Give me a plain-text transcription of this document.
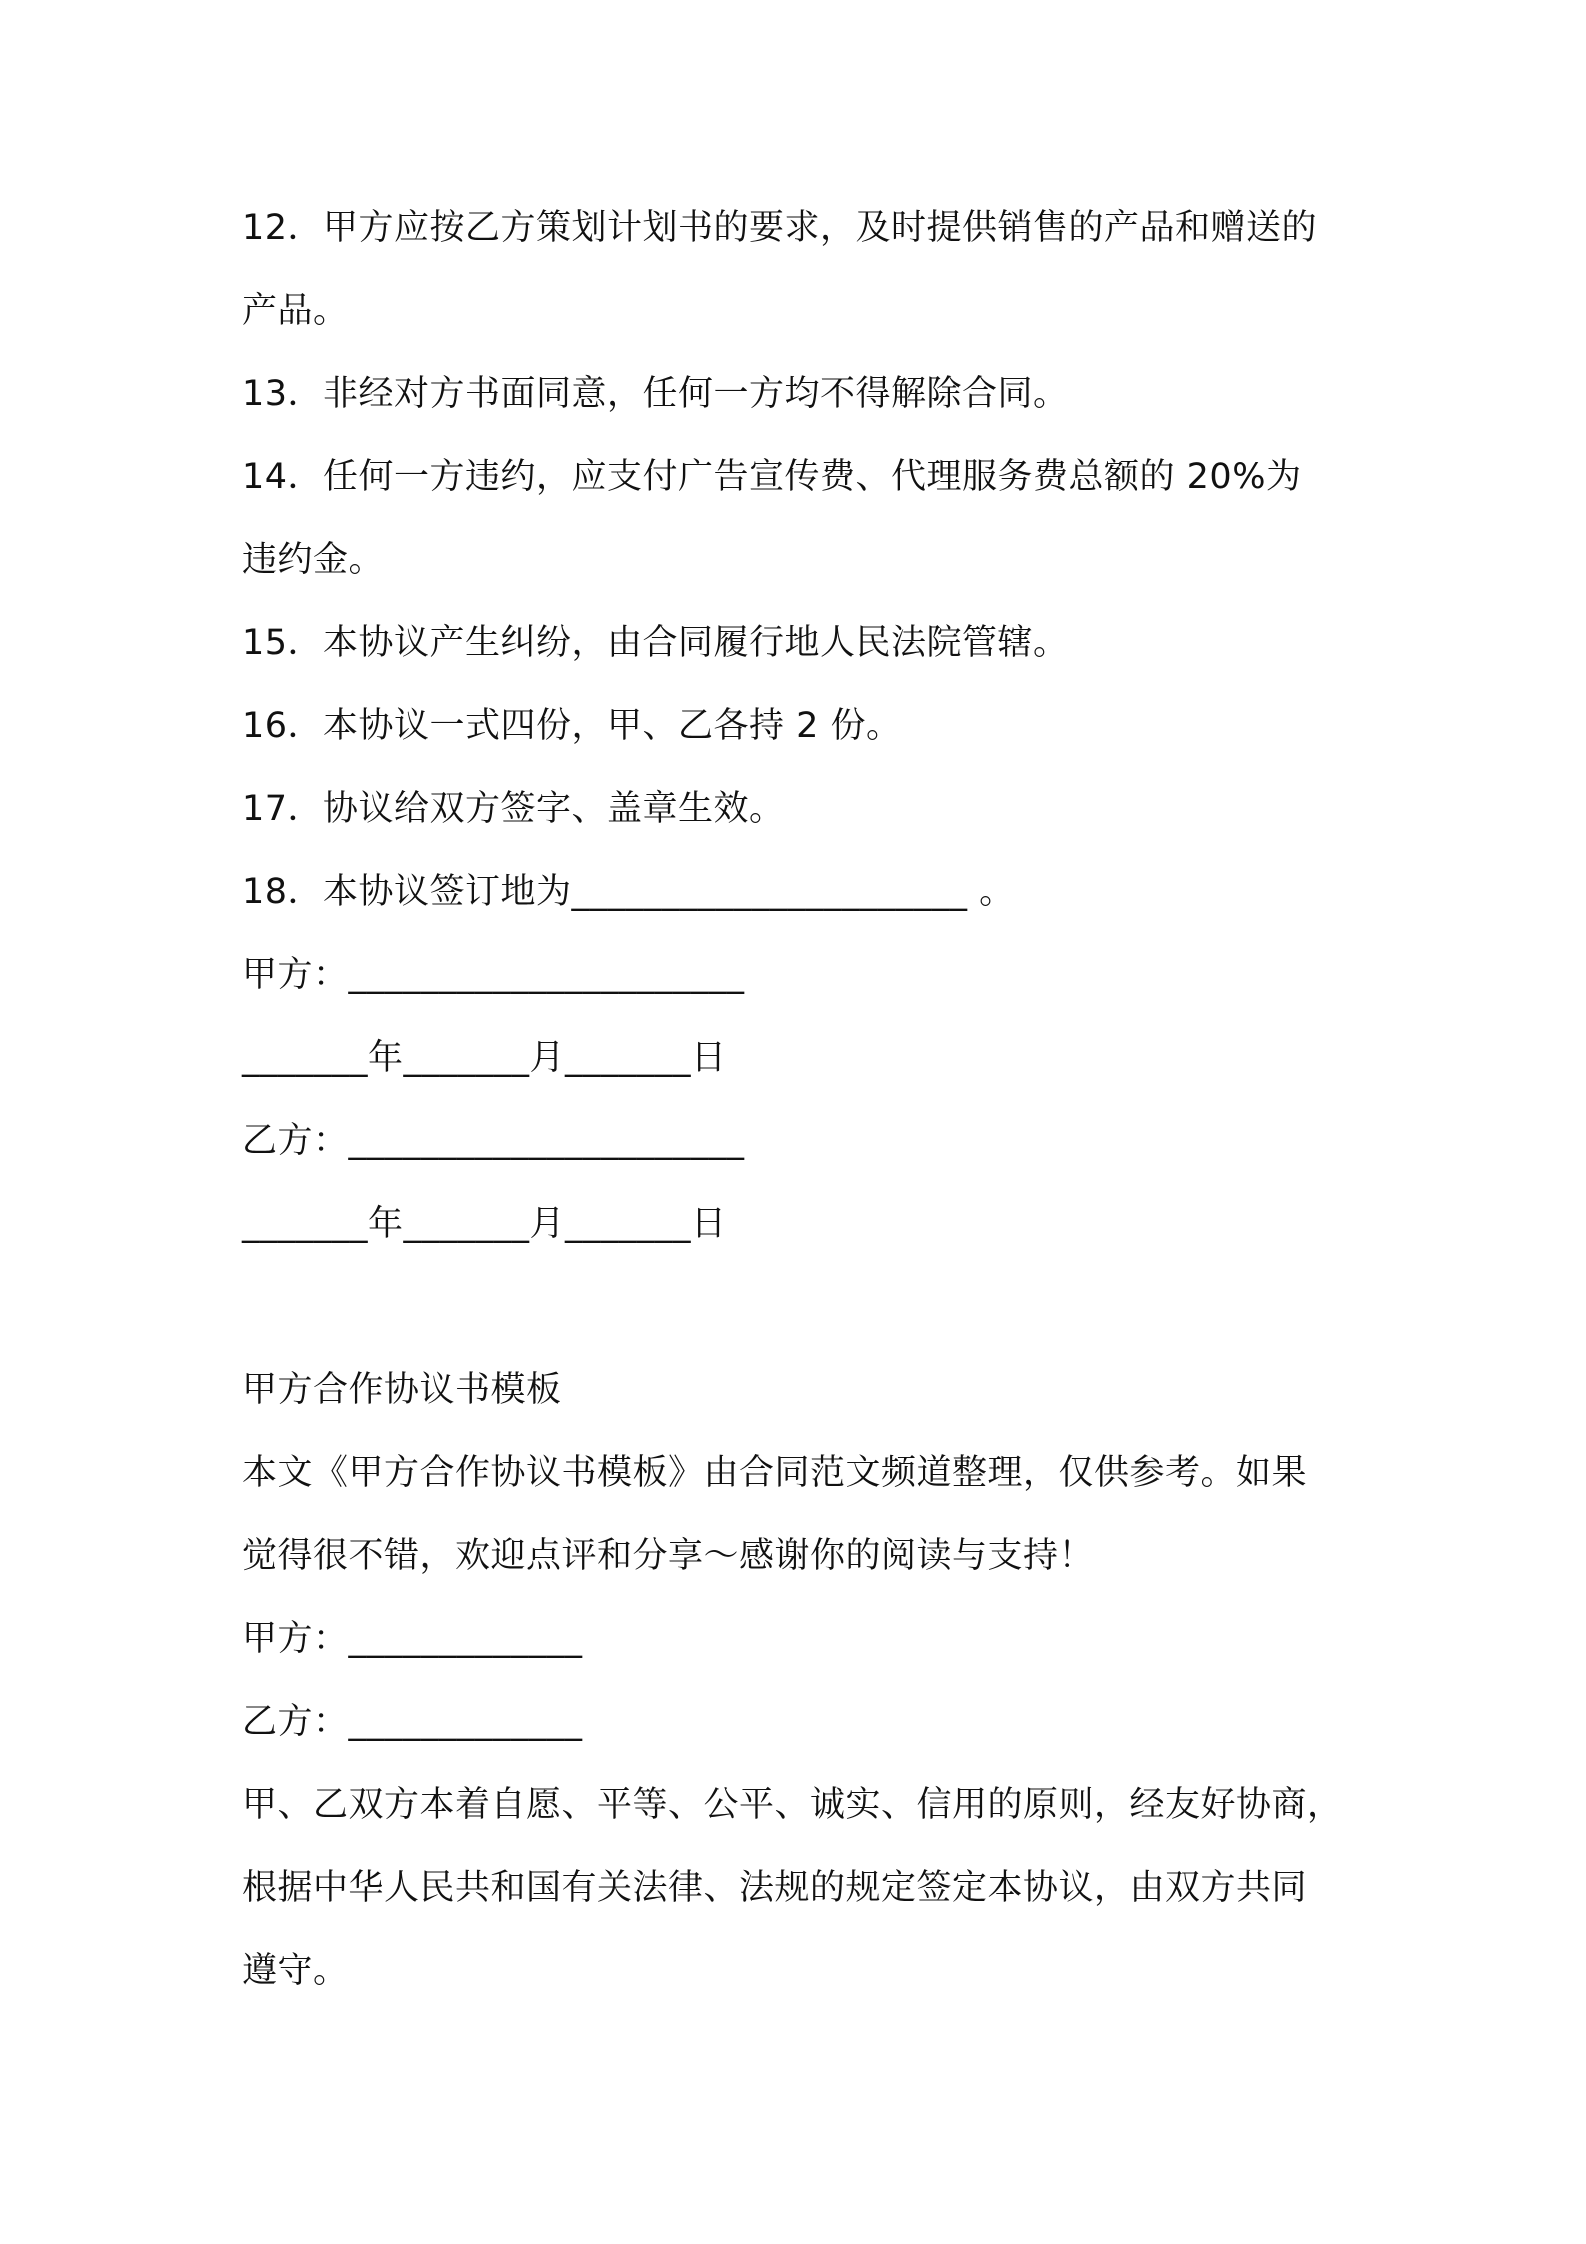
12．甲方应按乙方策划计划书的要求，及时提供销售的产品和赠送的
产品。
13．非经对方书面同意，任何一方均不得解除合同。
14．任何一方违约，应支付广告宣传费、代理服务费总额的 20%为
违约金。
15．本协议产生纠纷，由合同履行地人民法院管辖。
16．本协议一式四份，甲、乙各持 2 份。
17．协议给双方签字、盖章生效。
18．本协议签订地为______________________ 。
甲方：______________________
_______年_______月_______日
乙方：______________________
_______年_______月_______日
甲方合作协议书模板
本文《甲方合作协议书模板》由合同范文频道整理，仅供参考。如果
觉得很不错，欢迎点评和分享～感谢你的阅读与支持！
甲方：_____________
乙方：_____________
甲、乙双方本着自愿、平等、公平、诚实、信用的原则，经友好协商，
根据中华人民共和国有关法律、法规的规定签定本协议，由双方共同
遵守。
